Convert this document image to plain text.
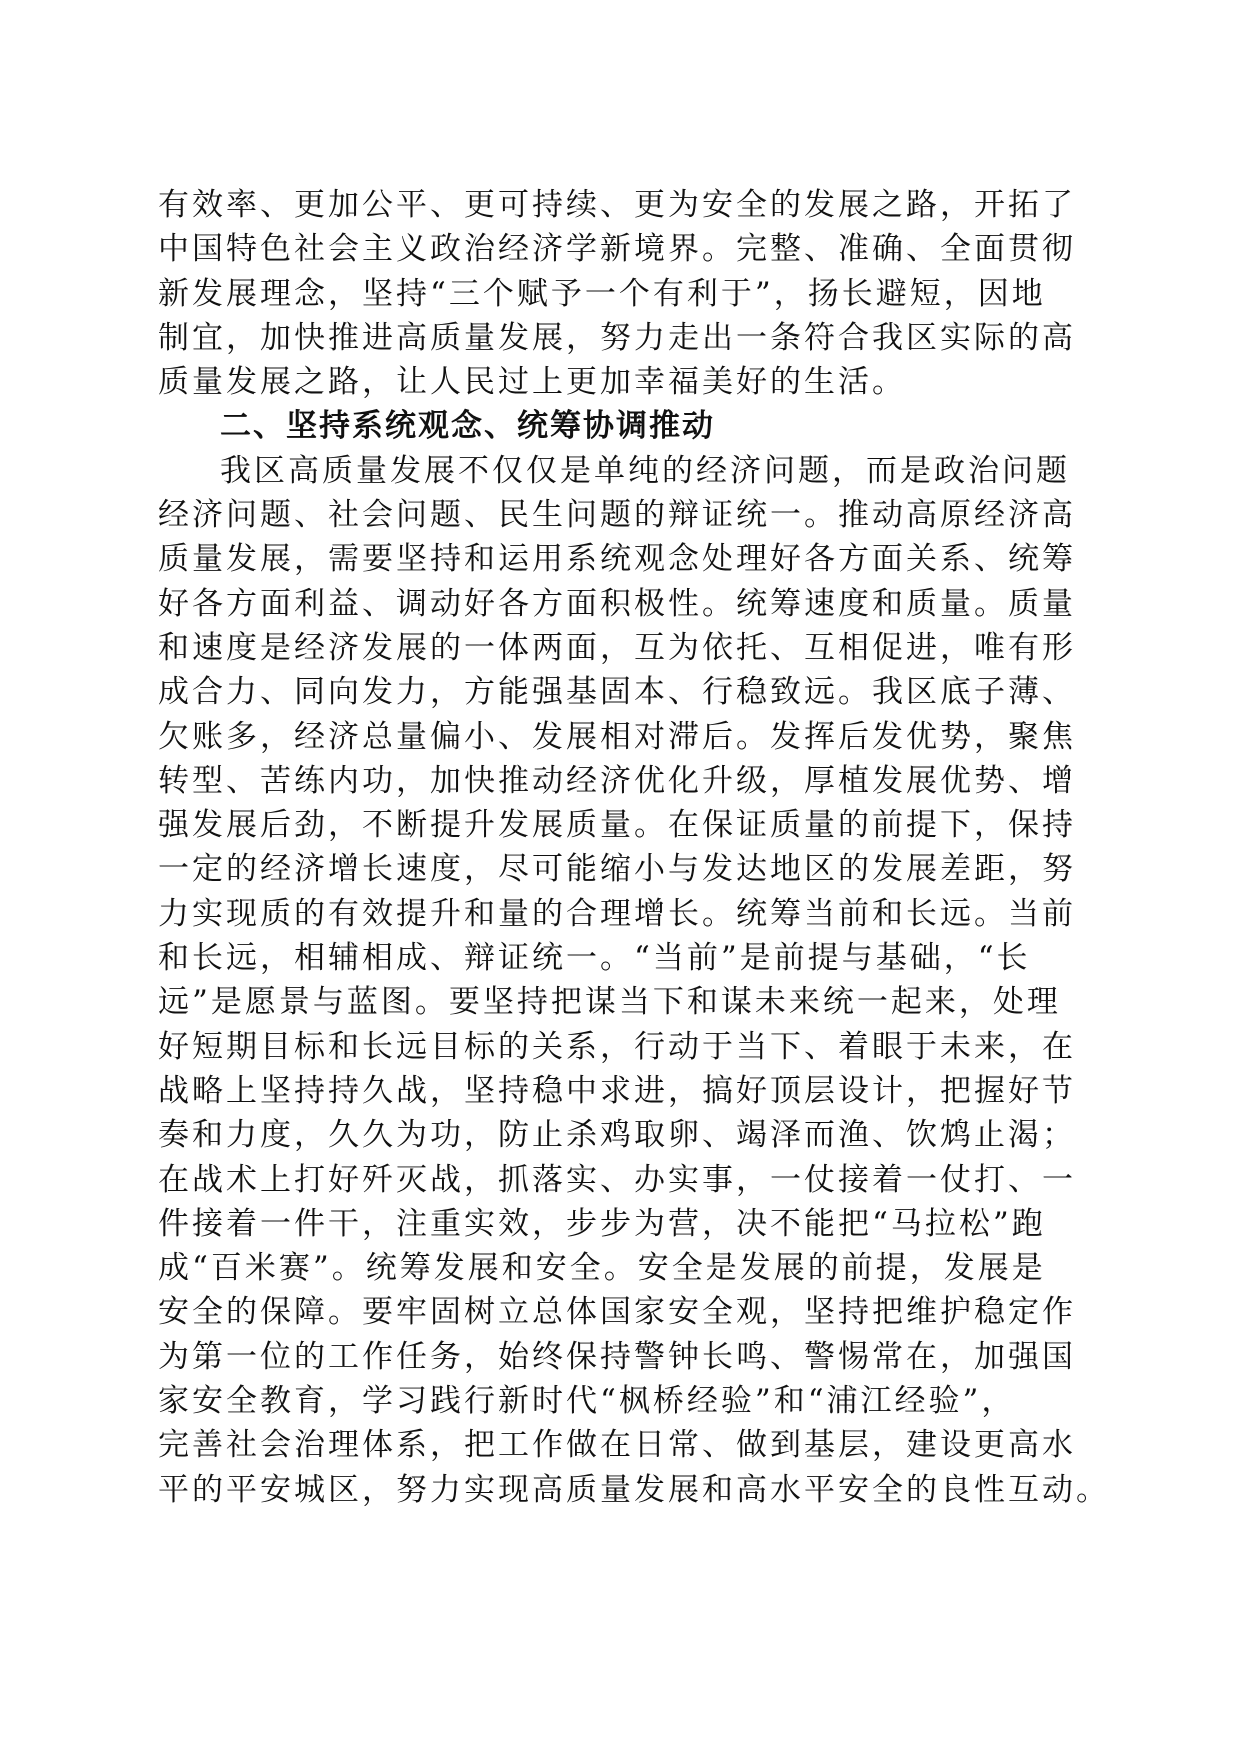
有效率、更加公平、更可持续、更为安全的发展之路，开拓了
中国特色社会主义政治经济学新境界。完整、准确、全面贯彻
新发展理念，坚持“三个赋予一个有利于”，扬长避短，因地
制宜，加快推进高质量发展，努力走出一条符合我区实际的高
质量发展之路，让人民过上更加幸福美好的生活。
二、坚持系统观念、统筹协调推动
我区高质量发展不仅仅是单纯的经济问题，而是政治问题
经济问题、社会问题、民生问题的辩证统一。推动高原经济高
质量发展，需要坚持和运用系统观念处理好各方面关系、统筹
好各方面利益、调动好各方面积极性。统筹速度和质量。质量
和速度是经济发展的一体两面，互为依托、互相促进，唯有形
成合力、同向发力，方能强基固本、行稳致远。我区底子薄、
欠账多，经济总量偏小、发展相对滞后。发挥后发优势，聚焦
转型、苦练内功，加快推动经济优化升级，厚植发展优势、增
强发展后劲，不断提升发展质量。在保证质量的前提下，保持
一定的经济增长速度，尽可能缩小与发达地区的发展差距，努
力实现质的有效提升和量的合理增长。统筹当前和长远。当前
和长远，相辅相成、辩证统一。“当前”是前提与基础，“长
远”是愿景与蓝图。要坚持把谋当下和谋未来统一起来，处理
好短期目标和长远目标的关系，行动于当下、着眼于未来，在
战略上坚持持久战，坚持稳中求进，搞好顶层设计，把握好节
奏和力度，久久为功，防止杀鸡取卵、竭泽而渔、饮鸩止渴；
在战术上打好歼灭战，抓落实、办实事，一仗接着一仗打、一
件接着一件干，注重实效，步步为营，决不能把“马拉松”跑
成“百米赛”。统筹发展和安全。安全是发展的前提，发展是
安全的保障。要牢固树立总体国家安全观，坚持把维护稳定作
为第一位的工作任务，始终保持警钟长鸣、警惕常在，加强国
家安全教育，学习践行新时代“枫桥经验”和“浦江经验”，
完善社会治理体系，把工作做在日常、做到基层，建设更高水
平的平安城区，努力实现高质量发展和高水平安全的良性互动。
